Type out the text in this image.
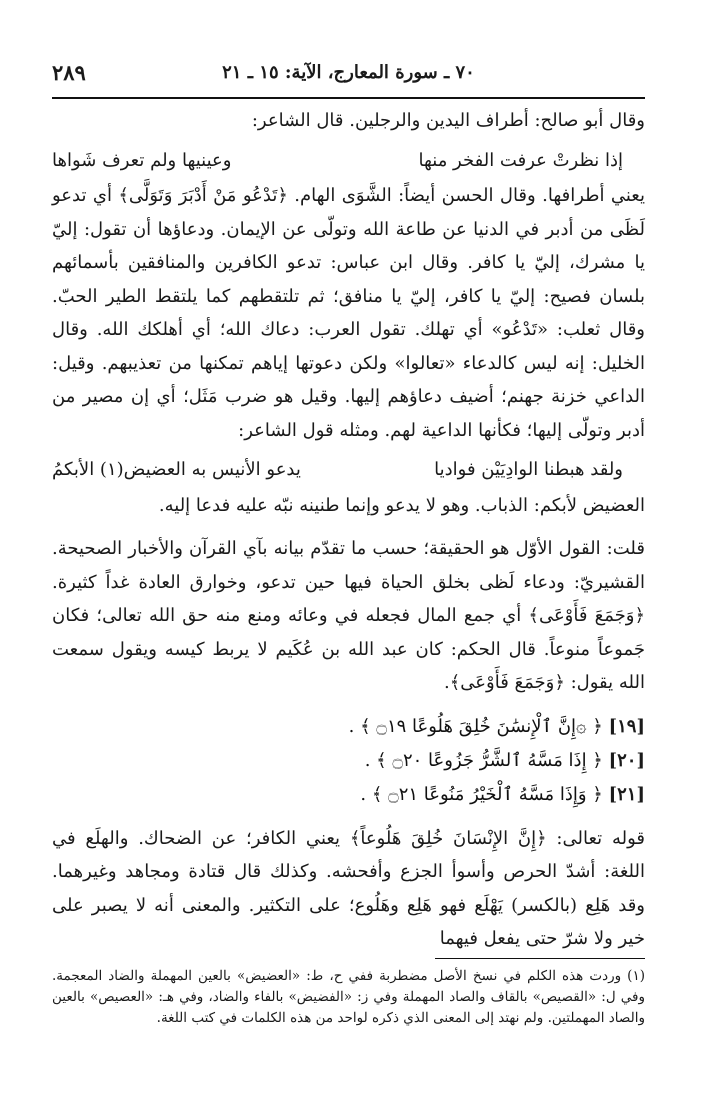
٧٠ ـ سورة المعارج، الآية: ١٥ ـ ٢١
٢٨٩

وقال أبو صالح: أطراف اليدين والرجلين. قال الشاعر:

إذا نظرتْ عرفت الفخر منها
وعينيها ولم تعرف شَواها

يعني أطرافها. وقال الحسن أيضاً: الشَّوَى الهام. ﴿تَدْعُو مَنْ أَدْبَرَ وَتَوَلَّى﴾ أي تدعو لَظَى من أدبر في الدنيا عن طاعة الله وتولّى عن الإيمان. ودعاؤها أن تقول: إليّ يا مشرك، إليّ يا كافر. وقال ابن عباس: تدعو الكافرين والمنافقين بأسمائهم بلسان فصيح: إليّ يا كافر، إليّ يا منافق؛ ثم تلتقطهم كما يلتقط الطير الحبّ. وقال ثعلب: «تَدْعُو» أي تهلك. تقول العرب: دعاك الله؛ أي أهلكك الله. وقال الخليل: إنه ليس كالدعاء «تعالوا» ولكن دعوتها إياهم تمكنها من تعذيبهم. وقيل: الداعي خزنة جهنم؛ أضيف دعاؤهم إليها. وقيل هو ضرب مَثَل؛ أي إن مصير من أدبر وتولّى إليها؛ فكأنها الداعية لهم. ومثله قول الشاعر:

ولقد هبطنا الوادِيَيْن فواديا
يدعو الأنيس به العضيض(١) الأبكمُ

العضيض لأبكم: الذباب. وهو لا يدعو وإنما طنينه نبّه عليه فدعا إليه.

قلت: القول الأوّل هو الحقيقة؛ حسب ما تقدّم بيانه بآي القرآن والأخبار الصحيحة. القشيريّ: ودعاء لَظى بخلق الحياة فيها حين تدعو، وخوارق العادة غداً كثيرة. ﴿وَجَمَعَ فَأَوْعَى﴾ أي جمع المال فجعله في وعائه ومنع منه حق الله تعالى؛ فكان جَموعاً منوعاً. قال الحكم: كان عبد الله بن عُكَيم لا يربط كيسه ويقول سمعت الله يقول: ﴿وَجَمَعَ فَأَوْعَى﴾.

[١٩] ﴿ ۞إِنَّ ٱلْإِنسَٰنَ خُلِقَ هَلُوعًا ۝١٩ ﴾ .

[٢٠] ﴿ إِذَا مَسَّهُ ٱلشَّرُّ جَزُوعًا ۝٢٠ ﴾ .

[٢١] ﴿ وَإِذَا مَسَّهُ ٱلْخَيْرُ مَنُوعًا ۝٢١ ﴾ .

قوله تعالى: ﴿إِنَّ الإِنْسَانَ خُلِقَ هَلُوعاً﴾ يعني الكافر؛ عن الضحاك. والهلَع في اللغة: أشدّ الحرص وأسوأ الجزع وأفحشه. وكذلك قال قتادة ومجاهد وغيرهما. وقد هَلِع (بالكسر) يَهْلَع فهو هَلِع وهَلُوع؛ على التكثير. والمعنى أنه لا يصبر على خير ولا شرّ حتى يفعل فيهما

(١) وردت هذه الكلم في نسخ الأصل مضطربة ففي ح، ط: «العضيض» بالعين المهملة والضاد المعجمة. وفي ل: «القصيص» بالقاف والصاد المهملة وفي ز: «الفضيض» بالفاء والضاد، وفي هـ: «العصيص» بالعين والصاد المهملتين. ولم نهتد إلى المعنى الذي ذكره لواحد من هذه الكلمات في كتب اللغة.
